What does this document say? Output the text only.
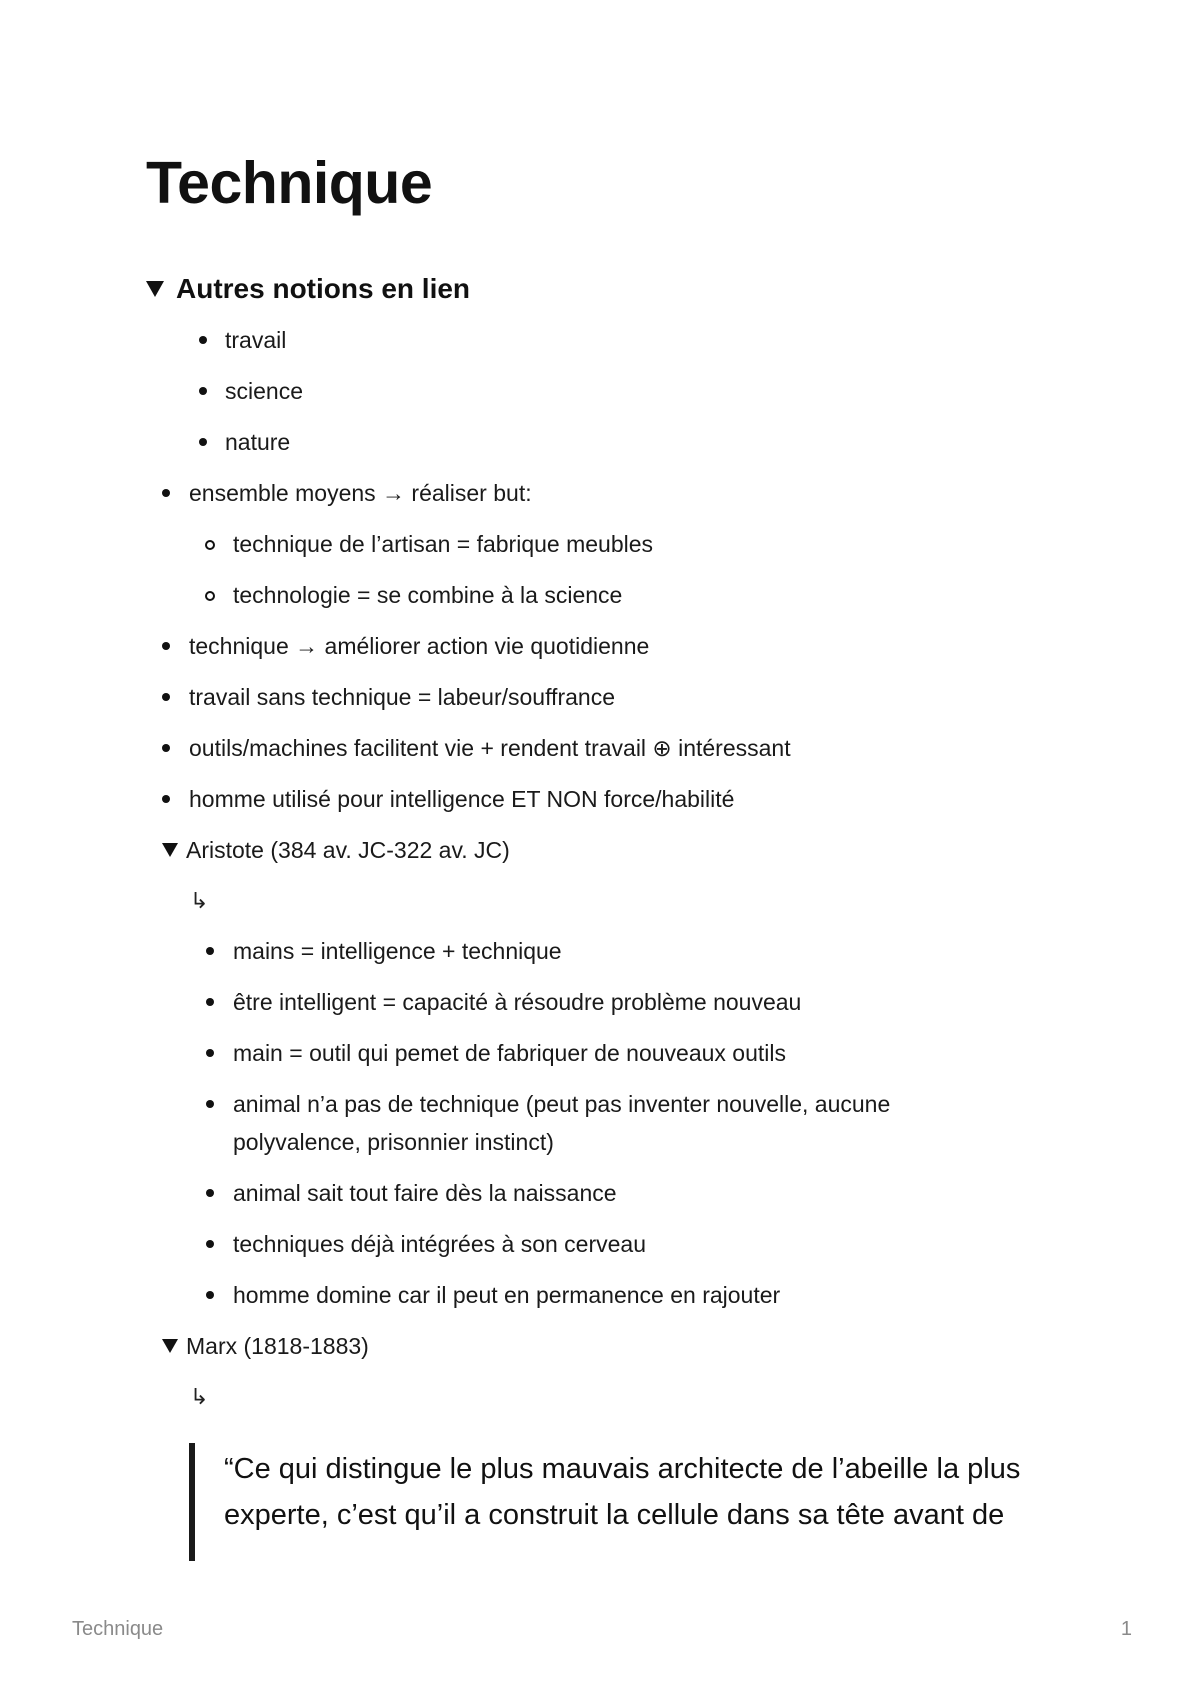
Technique
Autres notions en lien
travail
science
nature
ensemble moyens → réaliser but:
technique de l’artisan = fabrique meubles
technologie = se combine à la science
technique → améliorer action vie quotidienne
travail sans technique = labeur/souffrance
outils/machines facilitent vie + rendent travail ⊕ intéressant
homme utilisé pour intelligence ET NON force/habilité
Aristote (384 av. JC-322 av. JC)
↳
mains = intelligence + technique
être intelligent = capacité à résoudre problème nouveau
main = outil qui pemet de fabriquer de nouveaux outils
animal n’a pas de technique (peut pas inventer nouvelle, aucune polyvalence, prisonnier instinct)
animal sait tout faire dès la naissance
techniques déjà intégrées à son cerveau
homme domine car il peut en permanence en rajouter
Marx (1818-1883)
↳
“Ce qui distingue le plus mauvais architecte de l’abeille la plus experte, c’est qu’il a construit la cellule dans sa tête avant de
Technique	1
